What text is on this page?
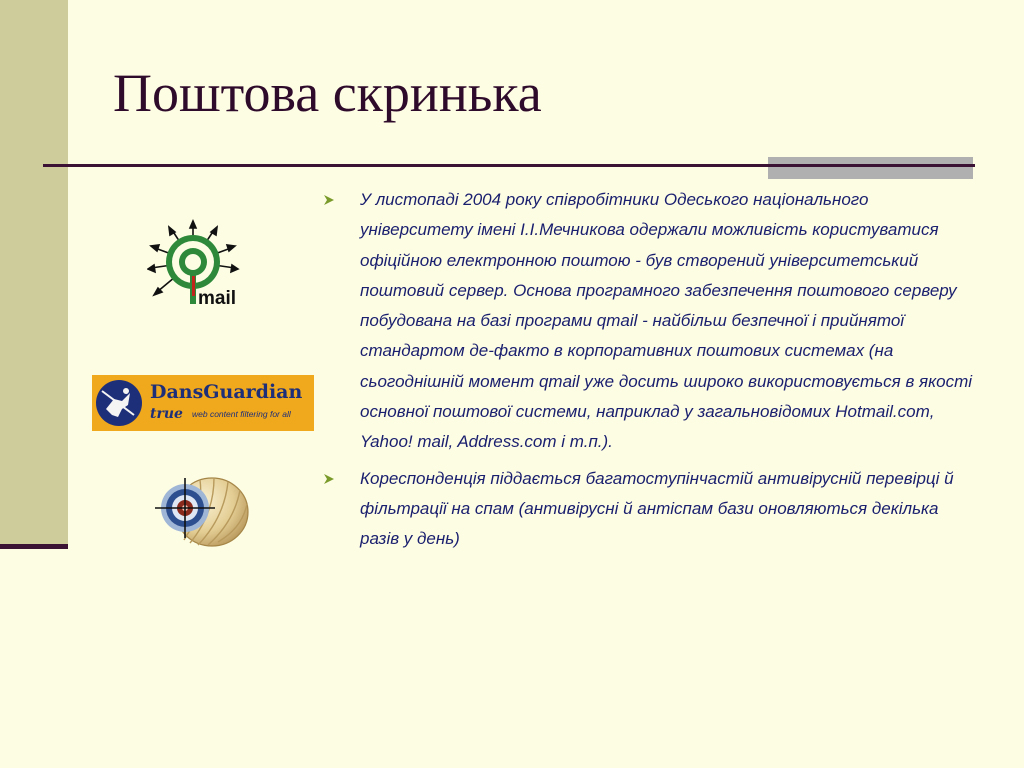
Поштова скринька
mail
DansGuardian
true web content filtering for all
У листопаді 2004 року співробітники Одеського національного університету імені І.І.Мечникова одержали можливість користуватися офіційною електронною поштою - був створений університетський поштовий сервер. Основа програмного забезпечення поштового серверу побудована на базі програми qmail - найбільш безпечної і прийнятої стандартом де-факто в корпоративних поштових системах (на сьогоднішній момент qmail уже досить широко використовується в якості основної поштової системи, наприклад у загальновідомих Hotmail.com, Yahoo! mail, Address.com і т.п.).
Кореспонденція піддається багатоступінчастій антивірусній перевірці й фільтрації на спам (антивірусні й антіспам бази оновляються декілька разів у день)
